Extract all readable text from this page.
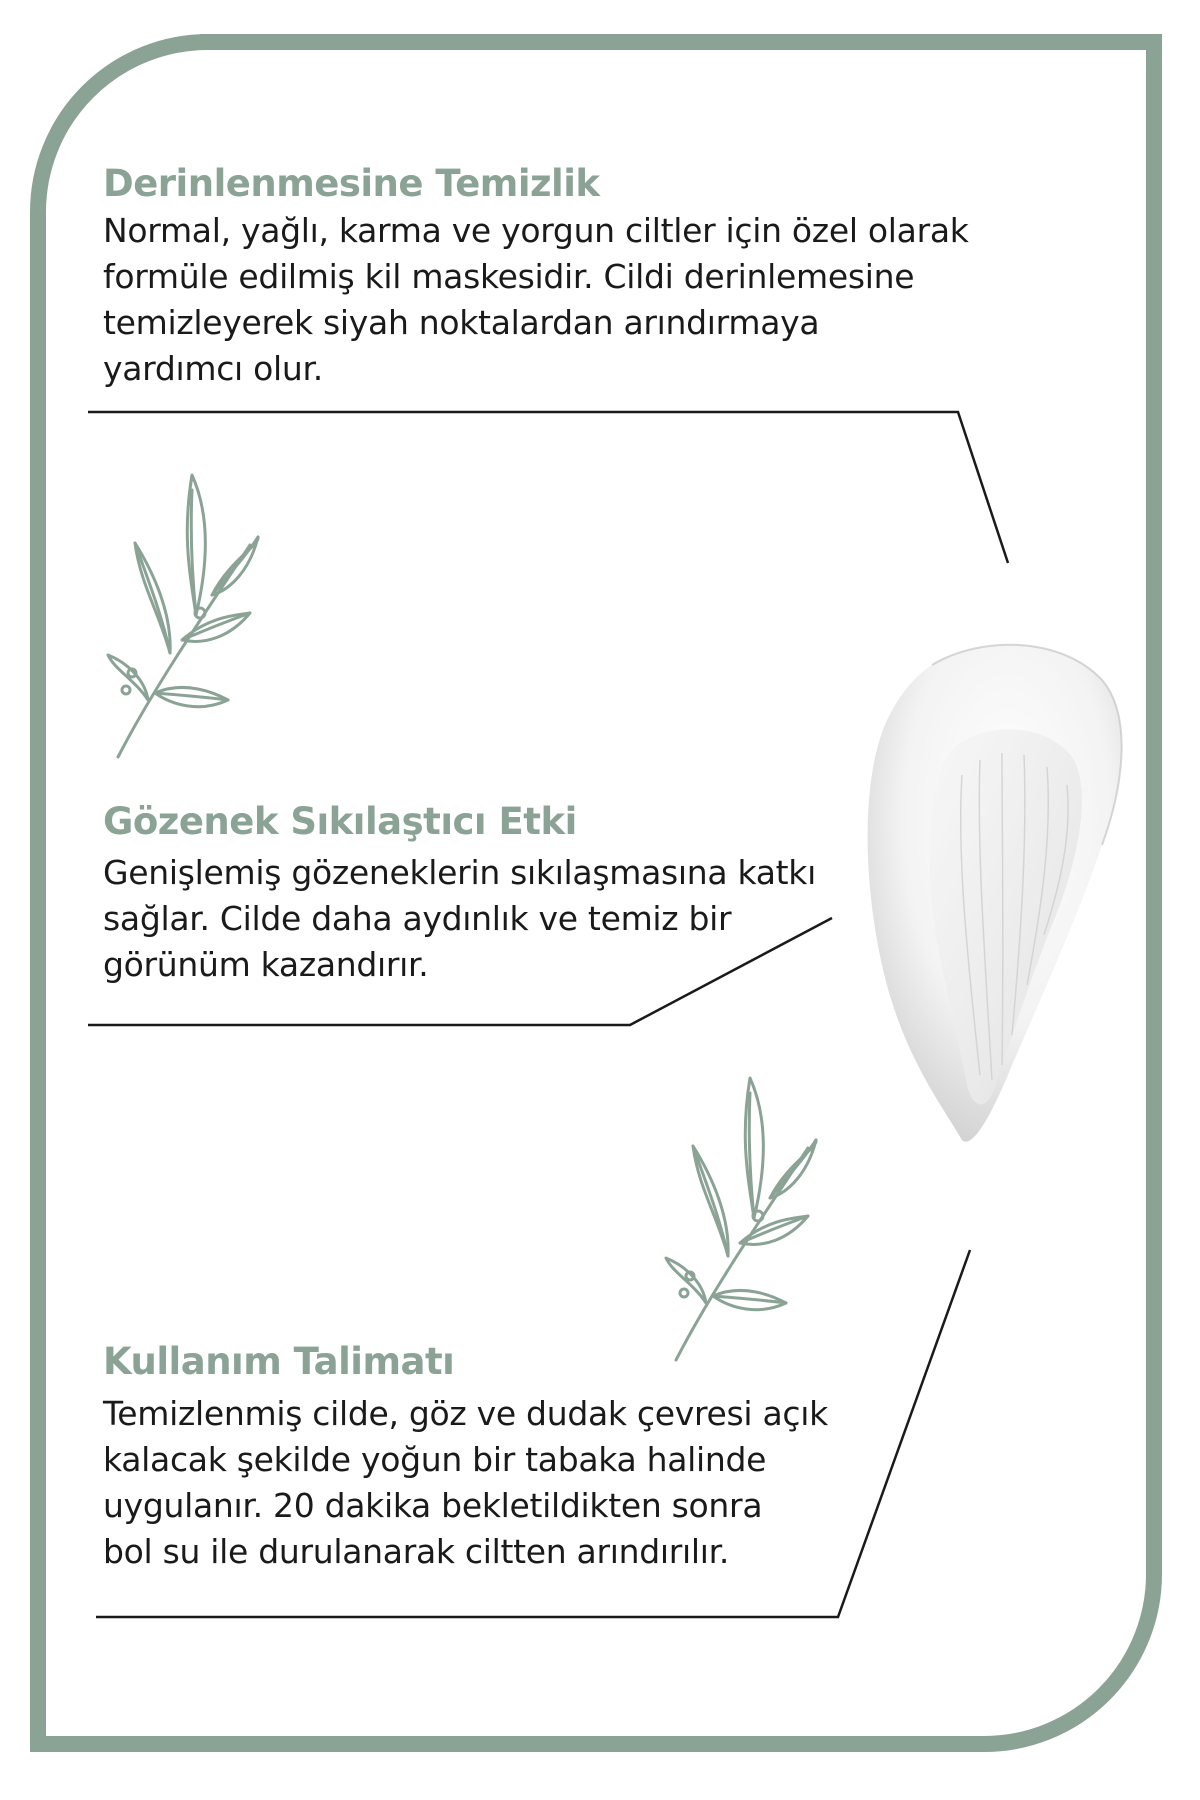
Derinlenmesine Temizlik
Normal, yağlı, karma ve yorgun ciltler için özel olarak
formüle edilmiş kil maskesidir. Cildi derinlemesine
temizleyerek siyah noktalardan arındırmaya
yardımcı olur.
Gözenek Sıkılaştıcı Etki
Genişlemiş gözeneklerin sıkılaşmasına katkı
sağlar. Cilde daha aydınlık ve temiz bir
görünüm kazandırır.
Kullanım Talimatı
Temizlenmiş cilde, göz ve dudak çevresi açık
kalacak şekilde yoğun bir tabaka halinde
uygulanır. 20 dakika bekletildikten sonra
bol su ile durulanarak ciltten arındırılır.
